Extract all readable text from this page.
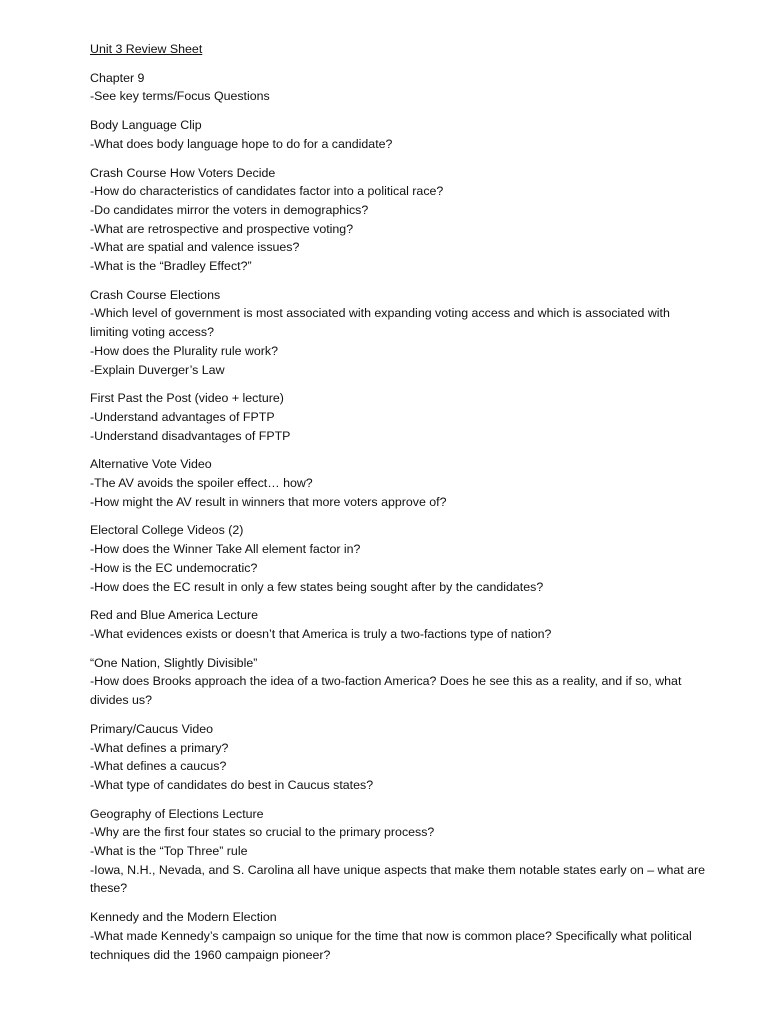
Unit 3 Review Sheet
Chapter 9
-See key terms/Focus Questions
Body Language Clip
-What does body language hope to do for a candidate?
Crash Course How Voters Decide
-How do characteristics of candidates factor into a political race?
-Do candidates mirror the voters in demographics?
-What are retrospective and prospective voting?
-What are spatial and valence issues?
-What is the “Bradley Effect?”
Crash Course Elections
-Which level of government is most associated with expanding voting access and which is associated with limiting voting access?
-How does the Plurality rule work?
-Explain Duverger’s Law
First Past the Post (video + lecture)
-Understand advantages of FPTP
-Understand disadvantages of FPTP
Alternative Vote Video
-The AV avoids the spoiler effect… how?
-How might the AV result in winners that more voters approve of?
Electoral College Videos (2)
-How does the Winner Take All element factor in?
-How is the EC undemocratic?
-How does the EC result in only a few states being sought after by the candidates?
Red and Blue America Lecture
-What evidences exists or doesn’t that America is truly a two-factions type of nation?
“One Nation, Slightly Divisible”
-How does Brooks approach the idea of a two-faction America? Does he see this as a reality, and if so, what divides us?
Primary/Caucus Video
-What defines a primary?
-What defines a caucus?
-What type of candidates do best in Caucus states?
Geography of Elections Lecture
-Why are the first four states so crucial to the primary process?
-What is the “Top Three” rule
-Iowa, N.H., Nevada, and S. Carolina all have unique aspects that make them notable states early on – what are these?
Kennedy and the Modern Election
-What made Kennedy’s campaign so unique for the time that now is common place? Specifically what political techniques did the 1960 campaign pioneer?
